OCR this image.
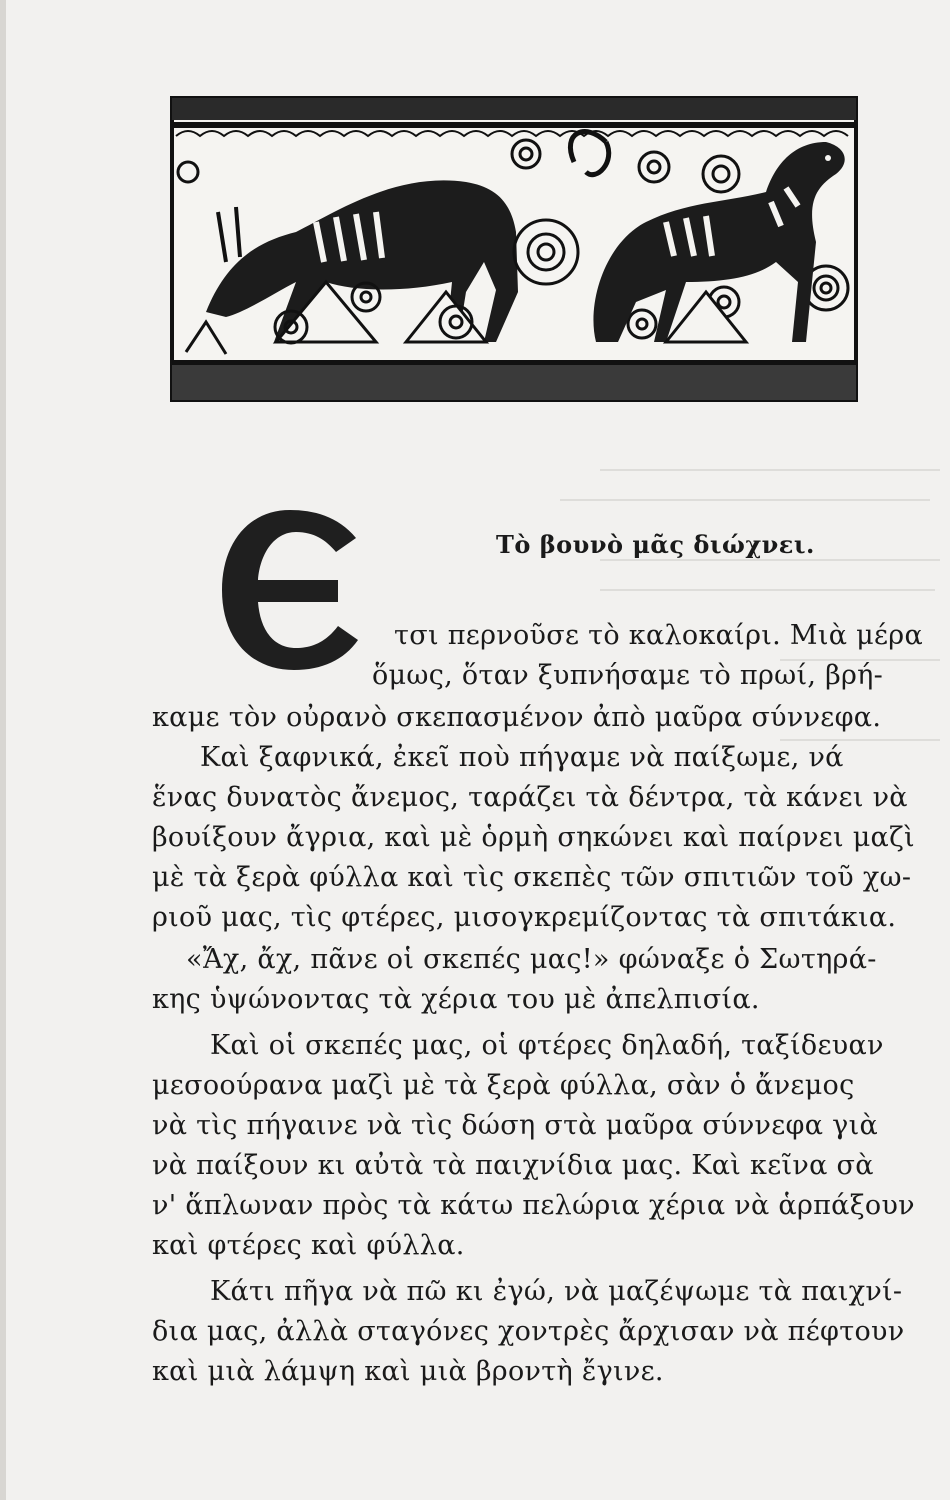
Τὸ βουνὸ μᾶς διώχνει.
τσι περνοῦσε τὸ καλοκαίρι. Μιὰ μέρα
ὅμως, ὅταν ξυπνήσαμε τὸ πρωί, βρή-
καμε τὸν οὐρανὸ σκεπασμένον ἀπὸ μαῦρα σύννεφα.
Καὶ ξαφνικά, ἐκεῖ ποὺ πήγαμε νὰ παίξωμε, νά
ἕνας δυνατὸς ἄνεμος, ταράζει τὰ δέντρα, τὰ κάνει νὰ
βουίξουν ἄγρια, καὶ μὲ ὁρμὴ σηκώνει καὶ παίρνει μαζὶ
μὲ τὰ ξερὰ φύλλα καὶ τὶς σκεπὲς τῶν σπιτιῶν τοῦ χω-
ριοῦ μας, τὶς φτέρες, μισογκρεμίζοντας τὰ σπιτάκια.
«Ἄχ, ἄχ, πᾶνε οἱ σκεπές μας!» φώναξε ὁ Σωτηρά-
κης ὑψώνοντας τὰ χέρια του μὲ ἀπελπισία.
Καὶ οἱ σκεπές μας, οἱ φτέρες δηλαδή, ταξίδευαν
μεσοούρανα μαζὶ μὲ τὰ ξερὰ φύλλα, σὰν ὁ ἄνεμος
νὰ τὶς πήγαινε νὰ τὶς δώση στὰ μαῦρα σύννεφα γιὰ
νὰ παίξουν κι αὐτὰ τὰ παιχνίδια μας. Καὶ κεῖνα σὰ
ν' ἅπλωναν πρὸς τὰ κάτω πελώρια χέρια νὰ ἁρπάξουν
καὶ φτέρες καὶ φύλλα.
Κάτι πῆγα νὰ πῶ κι ἐγώ, νὰ μαζέψωμε τὰ παιχνί-
δια μας, ἀλλὰ σταγόνες χοντρὲς ἄρχισαν νὰ πέφτουν
καὶ μιὰ λάμψη καὶ μιὰ βροντὴ ἔγινε.
